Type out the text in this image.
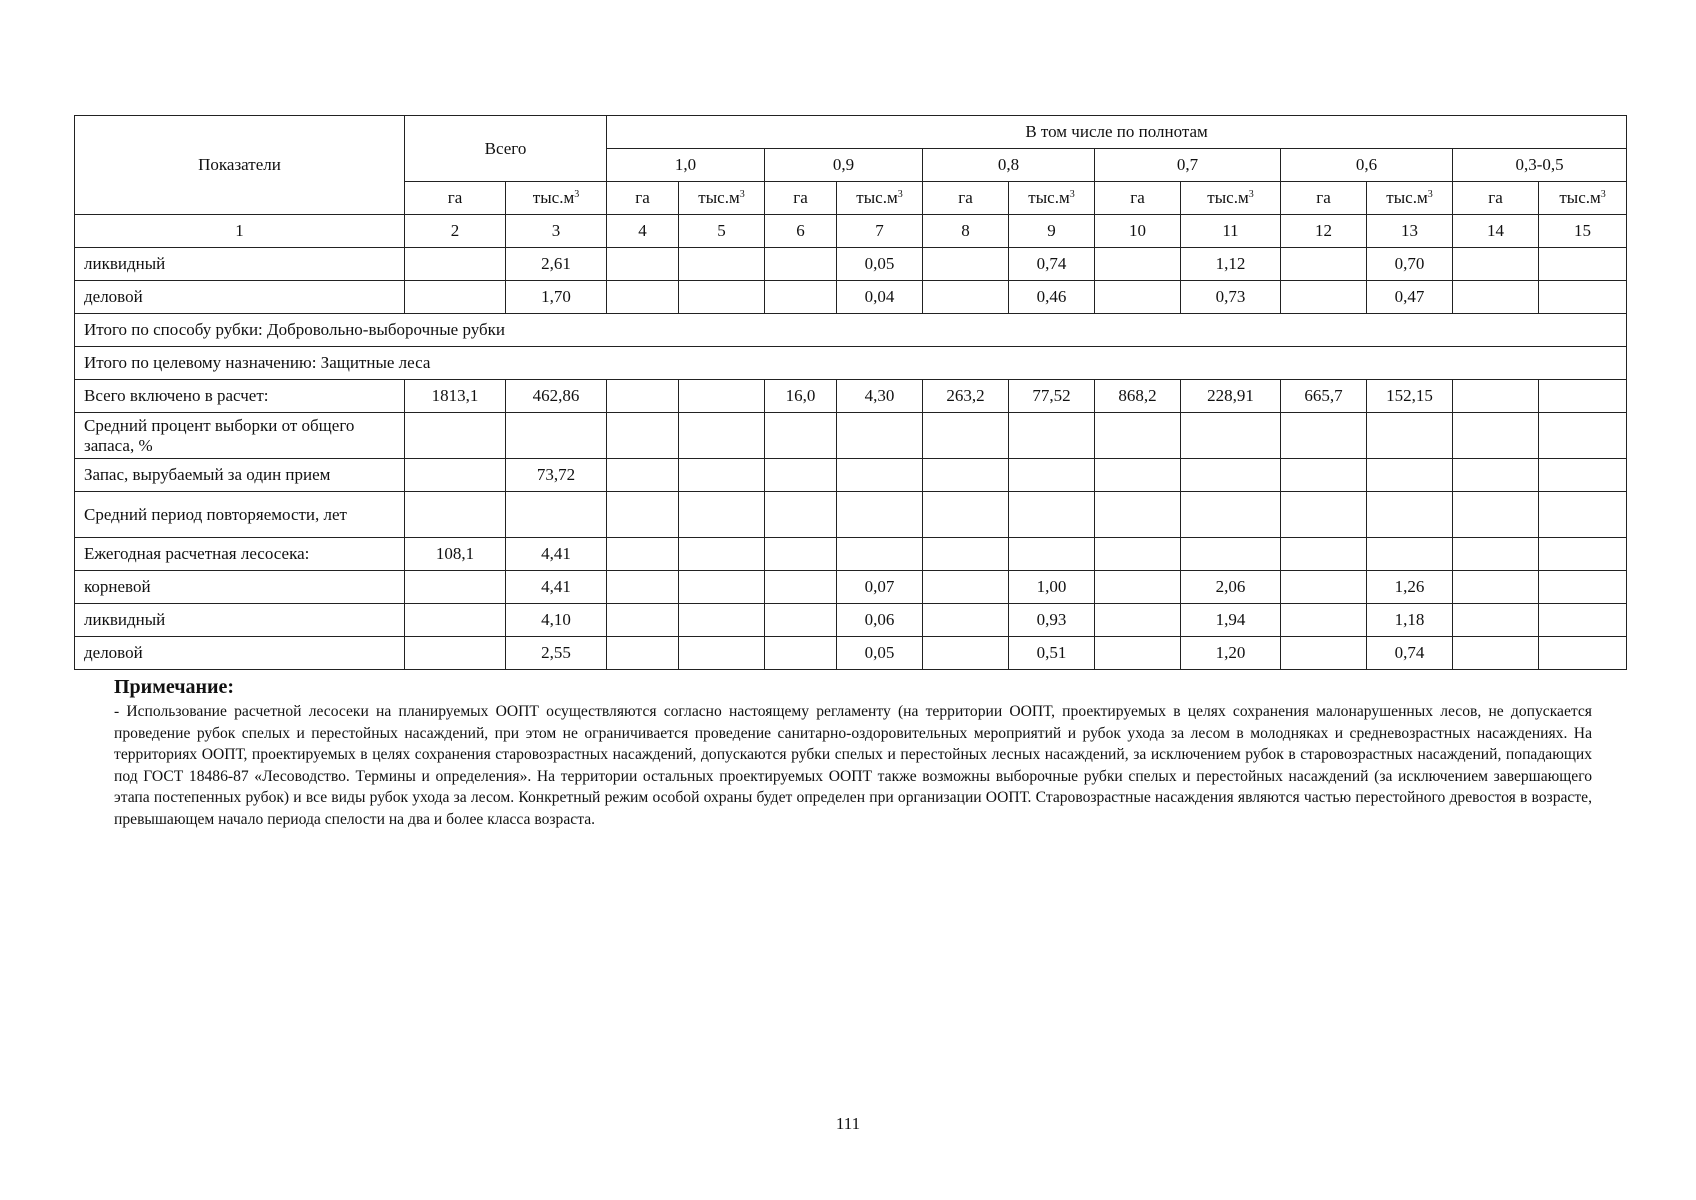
Показатели	Всего		В том числе по полнотам											
			1,0		0,9		0,8		0,7		0,6		0,3-0,5	
	га	$тыс.м^3$	га	$тыс.м^3$	га	$тыс.м^3$	га	$тыс.м^3$	га	$тыс.м^3$	га	$тыс.м^3$	га	$тыс.м^3$
1	2	3	4	5	6	7	8	9	10	11	12	13	14	15
ликвидный		2,61				0,05		0,74		1,12		0,70		
деловой		1,70				0,04		0,46		0,73		0,47		
Итого по способу рубки: Добровольно-выборочные рубки														
Итого по целевому назначению: Защитные леса														
Всего включено в расчет:	1813,1	462,86			16,0	4,30	263,2	77,52	868,2	228,91	665,7	152,15		
Средний процент выборки от общего запаса, %														
Запас, вырубаемый за один прием		73,72												
Средний период повторяемости, лет														
Ежегодная расчетная лесосека:	108,1	4,41												
корневой		4,41				0,07		1,00		2,06		1,26		
ликвидный		4,10				0,06		0,93		1,94		1,18		
деловой		2,55				0,05		0,51		1,20		0,74		

Примечание:

- Использование расчетной лесосеки на планируемых ООПТ осуществляются согласно настоящему регламенту (на территории ООПТ, проектируемых в целях сохранения малонарушенных лесов, не допускается проведение рубок спелых и перестойных насаждений, при этом не ограничивается проведение санитарно-оздоровительных мероприятий и рубок ухода за лесом в молодняках и средневозрастных насаждениях. На территориях ООПТ, проектируемых в целях сохранения старовозрастных насаждений, допускаются рубки спелых и перестойных лесных насаждений, за исключением рубок в старовозрастных насаждений, попадающих под ГОСТ 18486-87 «Лесоводство. Термины и определения». На территории остальных проектируемых ООПТ также возможны выборочные рубки спелых и перестойных насаждений (за исключением завершающего этапа постепенных рубок) и все виды рубок ухода за лесом. Конкретный режим особой охраны будет определен при организации ООПТ. Старовозрастные насаждения являются частью перестойного древостоя в возрасте, превышающем начало периода спелости на два и более класса возраста.

111
